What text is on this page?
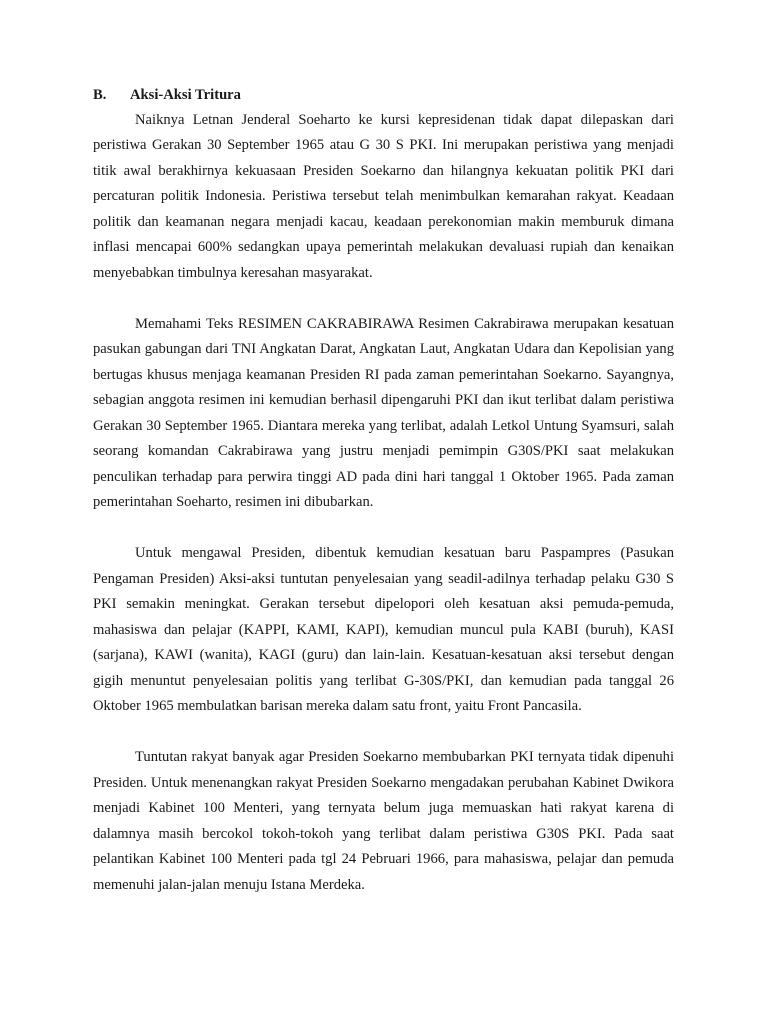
B.	Aksi-Aksi Tritura

Naiknya Letnan Jenderal Soeharto ke kursi kepresidenan tidak dapat dilepaskan dari peristiwa Gerakan 30 September 1965 atau G 30 S PKI. Ini merupakan peristiwa yang menjadi titik awal berakhirnya kekuasaan Presiden Soekarno dan hilangnya kekuatan politik PKI dari percaturan politik Indonesia. Peristiwa tersebut telah menimbulkan kemarahan rakyat. Keadaan politik dan keamanan negara menjadi kacau, keadaan perekonomian makin memburuk dimana inflasi mencapai 600% sedangkan upaya pemerintah melakukan devaluasi rupiah dan kenaikan menyebabkan timbulnya keresahan masyarakat.

Memahami Teks RESIMEN CAKRABIRAWA Resimen Cakrabirawa merupakan kesatuan pasukan gabungan dari TNI Angkatan Darat, Angkatan Laut, Angkatan Udara dan Kepolisian yang bertugas khusus menjaga keamanan Presiden RI pada zaman pemerintahan Soekarno. Sayangnya, sebagian anggota resimen ini kemudian berhasil dipengaruhi PKI dan ikut terlibat dalam peristiwa Gerakan 30 September 1965. Diantara mereka yang terlibat, adalah Letkol Untung Syamsuri, salah seorang komandan Cakrabirawa yang justru menjadi pemimpin G30S/PKI saat melakukan penculikan terhadap para perwira tinggi AD pada dini hari tanggal 1 Oktober 1965. Pada zaman pemerintahan Soeharto, resimen ini dibubarkan.

Untuk mengawal Presiden, dibentuk kemudian kesatuan baru Paspampres (Pasukan Pengaman Presiden) Aksi-aksi tuntutan penyelesaian yang seadil-adilnya terhadap pelaku G30 S PKI semakin meningkat. Gerakan tersebut dipelopori oleh kesatuan aksi pemuda-pemuda, mahasiswa dan pelajar (KAPPI, KAMI, KAPI), kemudian muncul pula KABI (buruh), KASI (sarjana), KAWI (wanita), KAGI (guru) dan lain-lain. Kesatuan-kesatuan aksi tersebut dengan gigih menuntut penyelesaian politis yang terlibat G-30S/PKI, dan kemudian pada tanggal 26 Oktober 1965 membulatkan barisan mereka dalam satu front, yaitu Front Pancasila.

Tuntutan rakyat banyak agar Presiden Soekarno membubarkan PKI ternyata tidak dipenuhi Presiden. Untuk menenangkan rakyat Presiden Soekarno mengadakan perubahan Kabinet Dwikora menjadi Kabinet 100 Menteri, yang ternyata belum juga memuaskan hati rakyat karena di dalamnya masih bercokol tokoh-tokoh yang terlibat dalam peristiwa G30S PKI. Pada saat pelantikan Kabinet 100 Menteri pada tgl 24 Pebruari 1966, para mahasiswa, pelajar dan pemuda memenuhi jalan-jalan menuju Istana Merdeka.
